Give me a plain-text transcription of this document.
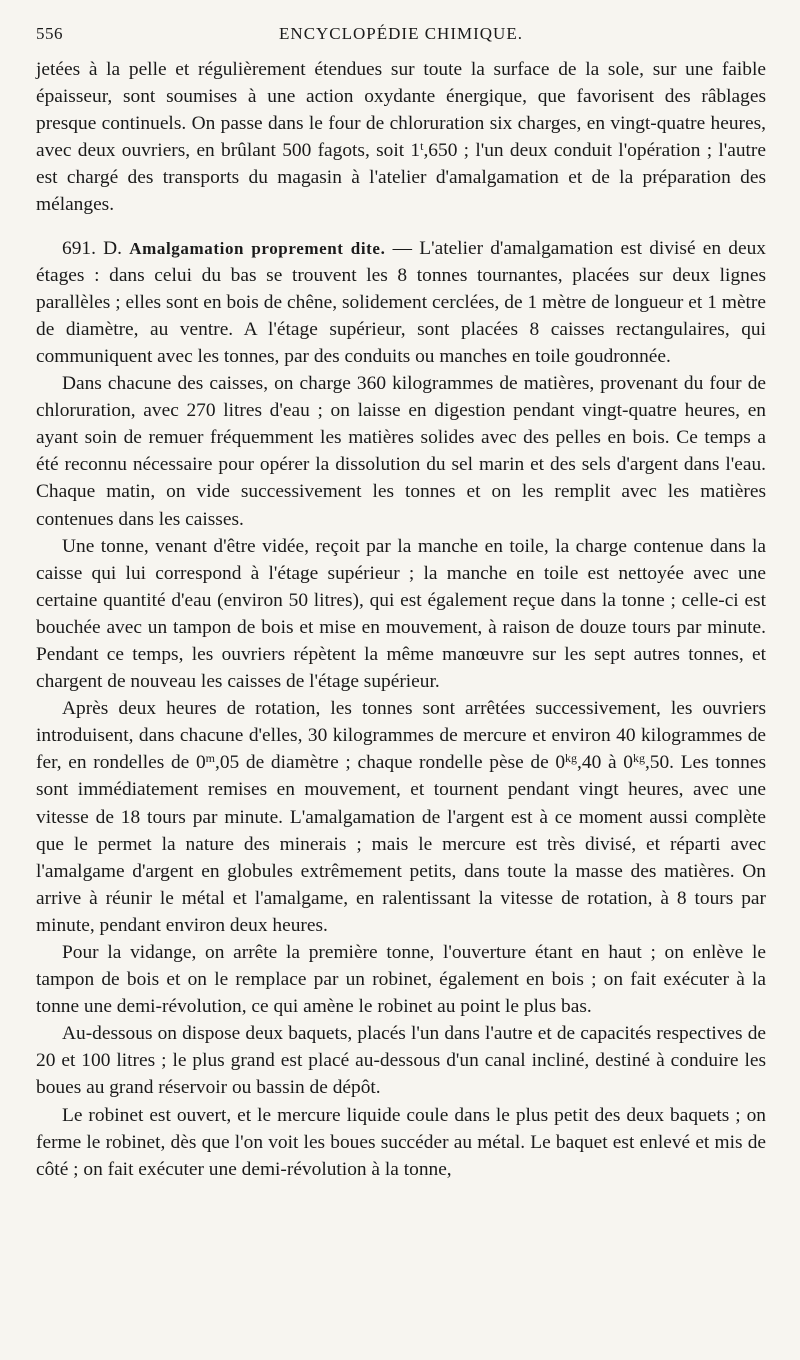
556	ENCYCLOPÉDIE CHIMIQUE.

jetées à la pelle et régulièrement étendues sur toute la surface de la sole, sur une faible épaisseur, sont soumises à une action oxydante énergique, que favorisent des râblages presque continuels. On passe dans le four de chloruration six charges, en vingt-quatre heures, avec deux ouvriers, en brûlant 500 fagots, soit 1$^t$,650 ; l'un deux conduit l'opération ; l'autre est chargé des transports du magasin à l'atelier d'amalgamation et de la préparation des mélanges.

691. D. Amalgamation proprement dite. — L'atelier d'amalgamation est divisé en deux étages : dans celui du bas se trouvent les 8 tonnes tournantes, placées sur deux lignes parallèles ; elles sont en bois de chêne, solidement cerclées, de 1 mètre de longueur et 1 mètre de diamètre, au ventre. A l'étage supérieur, sont placées 8 caisses rectangulaires, qui communiquent avec les tonnes, par des conduits ou manches en toile goudronnée.

Dans chacune des caisses, on charge 360 kilogrammes de matières, provenant du four de chloruration, avec 270 litres d'eau ; on laisse en digestion pendant vingt-quatre heures, en ayant soin de remuer fréquemment les matières solides avec des pelles en bois. Ce temps a été reconnu nécessaire pour opérer la dissolution du sel marin et des sels d'argent dans l'eau. Chaque matin, on vide successivement les tonnes et on les remplit avec les matières contenues dans les caisses.

Une tonne, venant d'être vidée, reçoit par la manche en toile, la charge contenue dans la caisse qui lui correspond à l'étage supérieur ; la manche en toile est nettoyée avec une certaine quantité d'eau (environ 50 litres), qui est également reçue dans la tonne ; celle-ci est bouchée avec un tampon de bois et mise en mouvement, à raison de douze tours par minute. Pendant ce temps, les ouvriers répètent la même manœuvre sur les sept autres tonnes, et chargent de nouveau les caisses de l'étage supérieur.

Après deux heures de rotation, les tonnes sont arrêtées successivement, les ouvriers introduisent, dans chacune d'elles, 30 kilogrammes de mercure et environ 40 kilogrammes de fer, en rondelles de 0$^m$,05 de diamètre ; chaque rondelle pèse de $0^{kg},40$ à $0^{kg},50$. Les tonnes sont immédiatement remises en mouvement, et tournent pendant vingt heures, avec une vitesse de 18 tours par minute. L'amalgamation de l'argent est à ce moment aussi complète que le permet la nature des minerais ; mais le mercure est très divisé, et réparti avec l'amalgame d'argent en globules extrêmement petits, dans toute la masse des matières. On arrive à réunir le métal et l'amalgame, en ralentissant la vitesse de rotation, à 8 tours par minute, pendant environ deux heures.

Pour la vidange, on arrête la première tonne, l'ouverture étant en haut ; on enlève le tampon de bois et on le remplace par un robinet, également en bois ; on fait exécuter à la tonne une demi-révolution, ce qui amène le robinet au point le plus bas.

Au-dessous on dispose deux baquets, placés l'un dans l'autre et de capacités respectives de 20 et 100 litres ; le plus grand est placé au-dessous d'un canal incliné, destiné à conduire les boues au grand réservoir ou bassin de dépôt.

Le robinet est ouvert, et le mercure liquide coule dans le plus petit des deux baquets ; on ferme le robinet, dès que l'on voit les boues succéder au métal. Le baquet est enlevé et mis de côté ; on fait exécuter une demi-révolution à la tonne,
